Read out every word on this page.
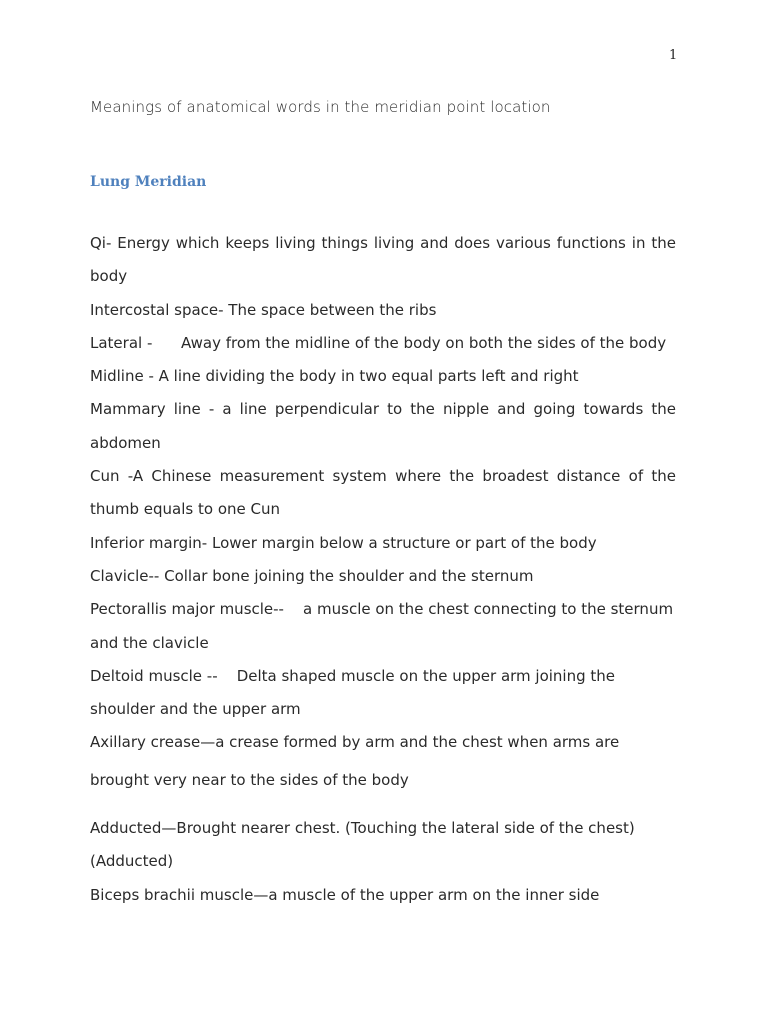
1
Meanings of anatomical words in the meridian point location
Lung Meridian
Qi- Energy which keeps living things living and does various functions in the
body
Intercostal space- The space between the ribs
Lateral -      Away from the midline of the body on both the sides of the body
Midline - A line dividing the body in two equal parts left and right
Mammary line - a line perpendicular to the nipple and going towards the
abdomen
Cun -A Chinese measurement system where the broadest distance of the
thumb equals to one Cun
Inferior margin- Lower margin below a structure or part of the body
Clavicle-- Collar bone joining the shoulder and the sternum
Pectorallis major muscle--    a muscle on the chest connecting to the sternum
and the clavicle
Deltoid muscle --    Delta shaped muscle on the upper arm joining the
shoulder and the upper arm
Axillary crease—a crease formed by arm and the chest when arms are
brought very near to the sides of the body
Adducted—Brought nearer chest. (Touching the lateral side of the chest)
(Adducted)
Biceps brachii muscle—a muscle of the upper arm on the inner side
